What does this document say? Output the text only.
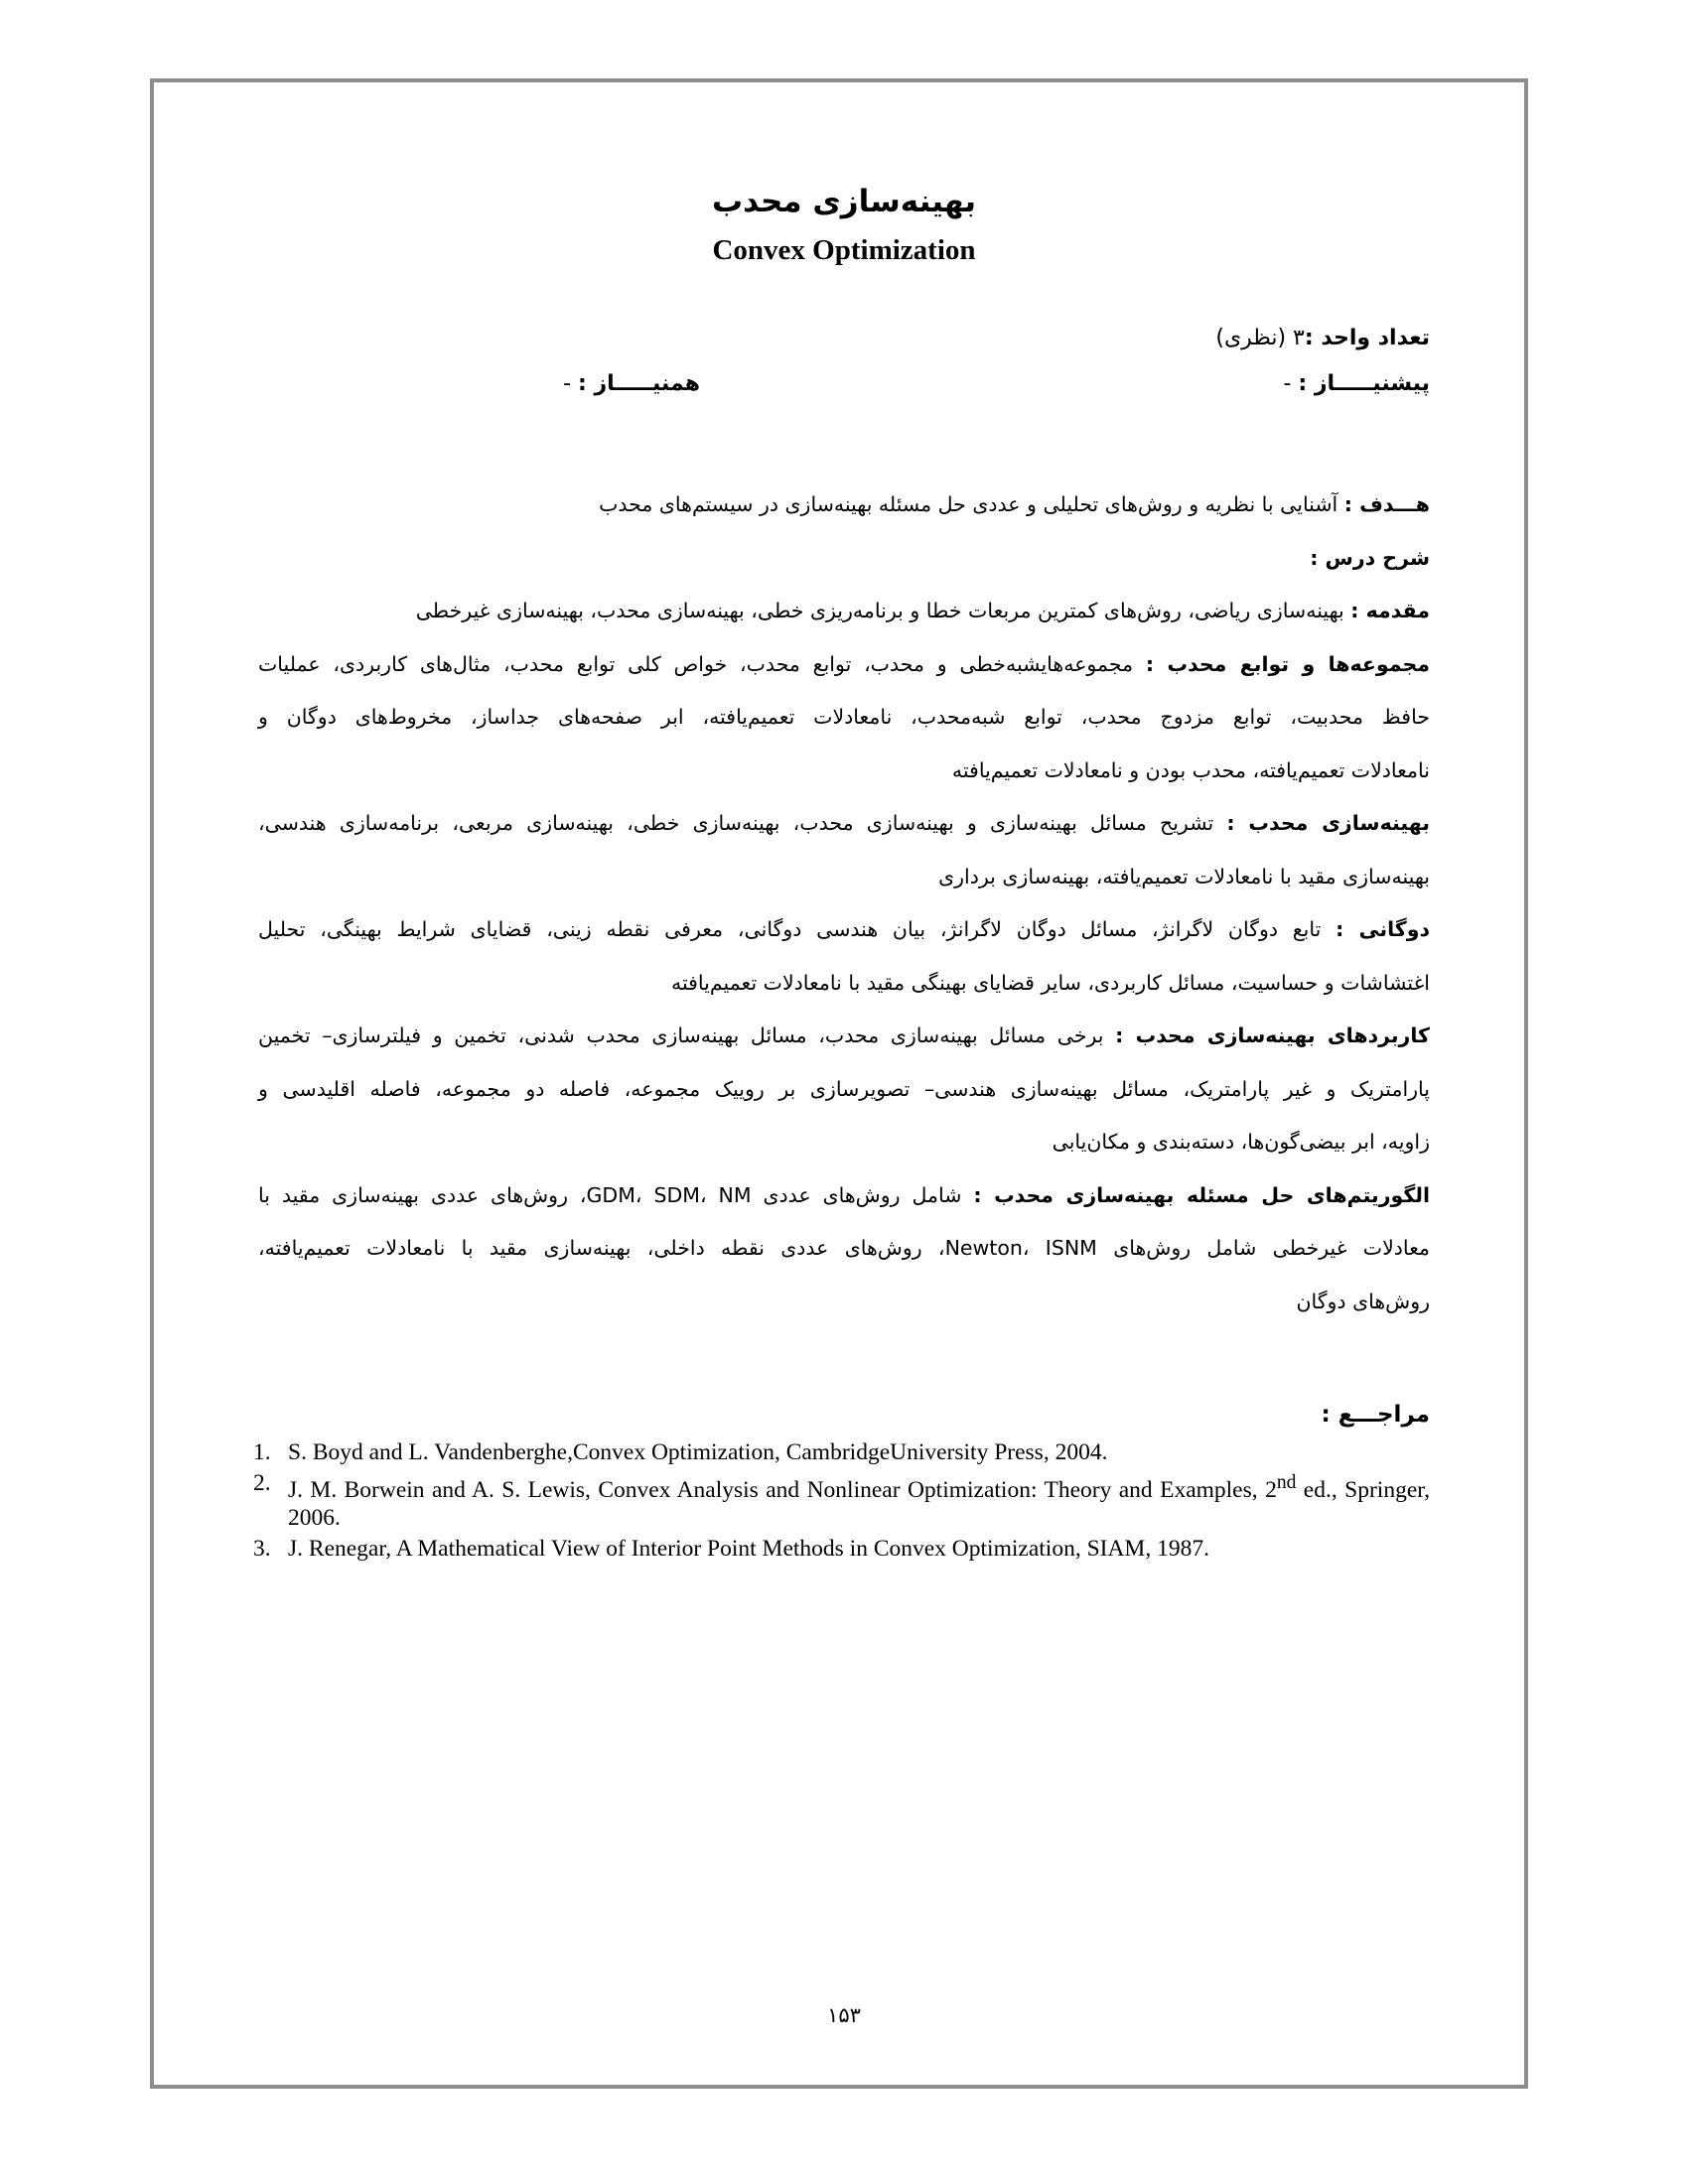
بهینه‌سازی محدب
Convex Optimization
تعداد واحد :۳ (نظری)
پیشنیـــــاز : -
همنیـــــاز : -
هـــدف : آشنایی با نظریه و روش‌های تحلیلی و عددی حل مسئله بهینه‌سازی در سیستم‌های محدب
شرح درس :
مقدمه : بهینه‌سازی ریاضی، روش‌های کمترین مربعات خطا و برنامه‌ریزی خطی، بهینه‌سازی محدب، بهینه‌سازی غیرخطی
مجموعه‌ها و توابع محدب : مجموعه‌هایشبه‌خطی و محدب، توابع محدب، خواص کلی توابع محدب، مثال‌های کاربردی، عملیات
حافظ محدبیت، توابع مزدوج محدب، توابع شبه‌محدب، نامعادلات تعمیم‌یافته، ابر صفحه‌های جداساز، مخروط‌های دوگان و
نامعادلات تعمیم‌یافته، محدب بودن و نامعادلات تعمیم‌یافته
بهینه‌سازی محدب : تشریح مسائل بهینه‌سازی و بهینه‌سازی محدب، بهینه‌سازی خطی، بهینه‌سازی مربعی، برنامه‌سازی هندسی،
بهینه‌سازی مقید با نامعادلات تعمیم‌یافته، بهینه‌سازی برداری
دوگانی : تابع دوگان لاگرانژ، مسائل دوگان لاگرانژ، بیان هندسی دوگانی، معرفی نقطه زینی، قضایای شرایط بهینگی، تحلیل
اغتشاشات و حساسیت، مسائل کاربردی، سایر قضایای بهینگی مقید با نامعادلات تعمیم‌یافته
کاربردهای بهینه‌سازی محدب : برخی مسائل بهینه‌سازی محدب، مسائل بهینه‌سازی محدب شدنی، تخمین و فیلترسازی– تخمین
پارامتریک و غیر پارامتریک، مسائل بهینه‌سازی هندسی– تصویرسازی بر روییک مجموعه، فاصله دو مجموعه، فاصله اقلیدسی و
زاویه، ابر بیضی‌گون‌ها، دسته‌بندی و مکان‌یابی
الگوریتم‌های حل مسئله بهینه‌سازی محدب : شامل روش‌های عددی GDM، SDM، NM، روش‌های عددی بهینه‌سازی مقید با
معادلات غیرخطی شامل روش‌های Newton، ISNM، روش‌های عددی نقطه داخلی، بهینه‌سازی مقید با نامعادلات تعمیم‌یافته،
روش‌های دوگان
مراجـــع :
1. S. Boyd and L. Vandenberghe,Convex Optimization, CambridgeUniversity Press, 2004.
2. J. M. Borwein and A. S. Lewis, Convex Analysis and Nonlinear Optimization: Theory and Examples, 2nd ed., Springer, 2006.
3. J. Renegar, A Mathematical View of Interior Point Methods in Convex Optimization, SIAM, 1987.
۱۵۳
